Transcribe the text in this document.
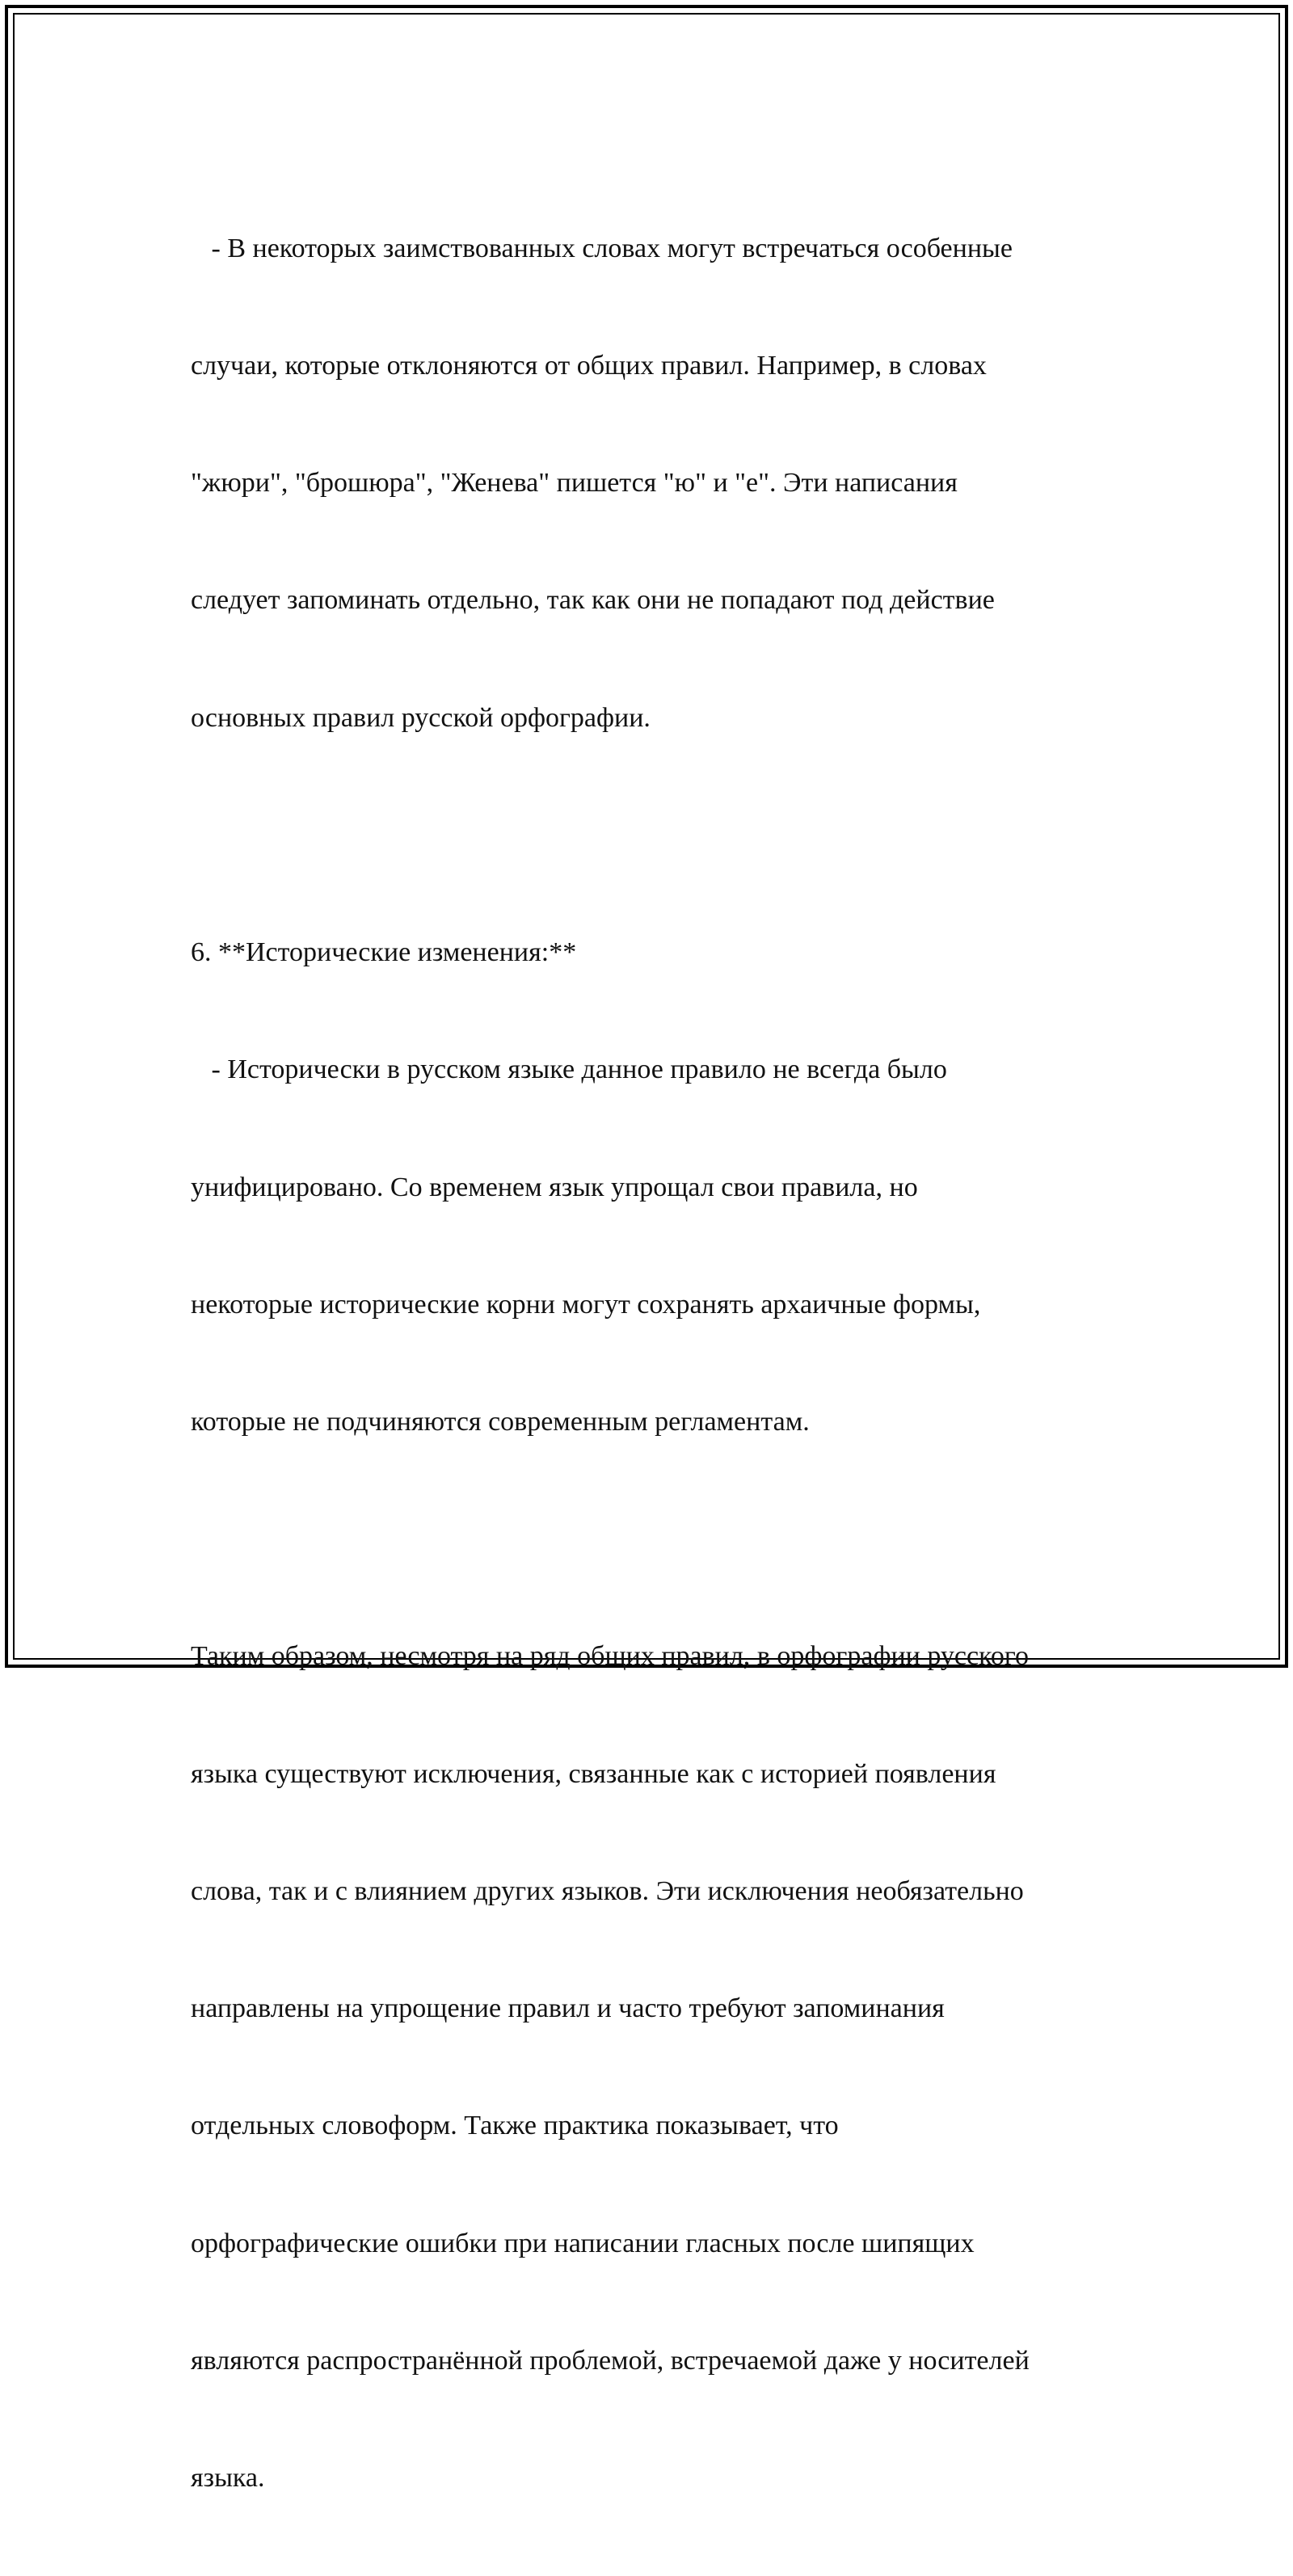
- В некоторых заимствованных словах могут встречаться особенные

случаи, которые отклоняются от общих правил. Например, в словах

"жюри", "брошюра", "Женева" пишется "ю" и "е". Эти написания

следует запоминать отдельно, так как они не попадают под действие

основных правил русской орфографии.

6. **Исторические изменения:**

- Исторически в русском языке данное правило не всегда было

унифицировано. Со временем язык упрощал свои правила, но

некоторые исторические корни могут сохранять архаичные формы,

которые не подчиняются современным регламентам.

Таким образом, несмотря на ряд общих правил, в орфографии русского

языка существуют исключения, связанные как с историей появления

слова, так и с влиянием других языков. Эти исключения необязательно

направлены на упрощение правил и часто требуют запоминания

отдельных словоформ. Также практика показывает, что

орфографические ошибки при написании гласных после шипящих

являются распространённой проблемой, встречаемой даже у носителей

языка.
